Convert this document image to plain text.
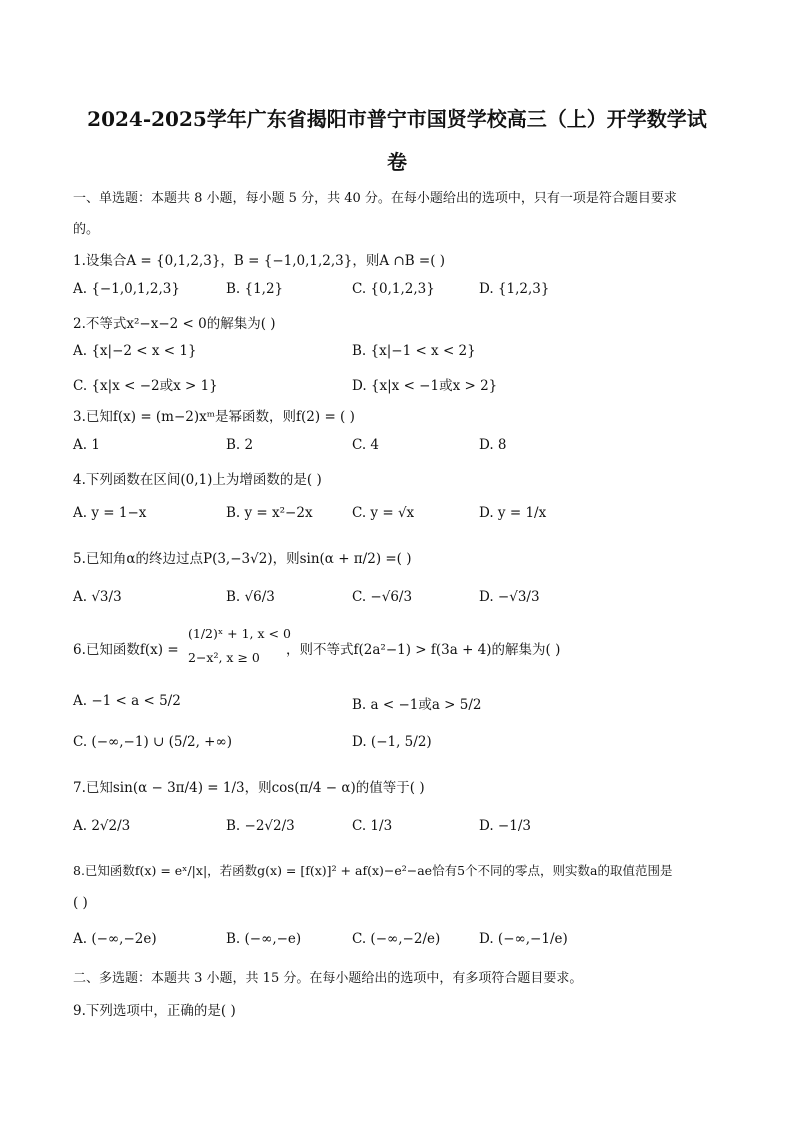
2024-2025学年广东省揭阳市普宁市国贤学校高三（上）开学数学试
卷
一、单选题：本题共 8 小题，每小题 5 分，共 40 分。在每小题给出的选项中，只有一项是符合题目要求
的。
1.设集合A = {0,1,2,3}，B = {−1,0,1,2,3}，则A ∩B =( )
A. {−1,0,1,2,3}	B. {1,2}	C. {0,1,2,3}	D. {1,2,3}
2.不等式x²−x−2 < 0的解集为( )
A. {x|−2 < x < 1}	B. {x|−1 < x < 2}
C. {x|x < −2或x > 1}	D. {x|x < −1或x > 2}
3.已知f(x) = (m−2)xᵐ是幂函数，则f(2) = ( )
A. 1	B. 2	C. 4	D. 8
4.下列函数在区间(0,1)上为增函数的是( )
A. y = 1−x	B. y = x²−2x	C. y = √x	D. y = 1/x
5.已知角α的终边过点P(3,−3√2)，则sin(α + π/2) =( )
A. √3/3	B. √6/3	C. −√6/3	D. −√3/3
6.已知函数f(x) =
(1/2)ˣ + 1, x < 0
2−x², x ≥ 0 ，则不等式f(2a²−1) > f(3a + 4)的解集为( )
A. −1 < a < 5/2	B. a < −1或a > 5/2
C. (−∞,−1) ∪ (5/2, +∞)	D. (−1, 5/2)
7.已知sin(α − 3π/4) = 1/3，则cos(π/4 − α)的值等于( )
A. 2√2/3	B. −2√2/3	C. 1/3	D. −1/3
8.已知函数f(x) = eˣ/|x|，若函数g(x) = [f(x)]² + af(x)−e²−ae恰有5个不同的零点，则实数a的取值范围是
( )
A. (−∞,−2e)	B. (−∞,−e)	C. (−∞,−2/e)	D. (−∞,−1/e)
二、多选题：本题共 3 小题，共 15 分。在每小题给出的选项中，有多项符合题目要求。
9.下列选项中，正确的是( )
